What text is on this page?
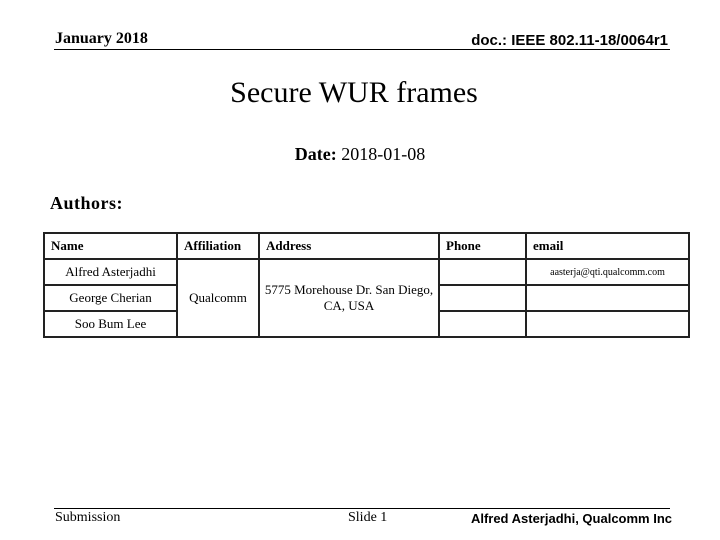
January 2018	doc.: IEEE 802.11-18/0064r1
Secure WUR frames
Date: 2018-01-08
Authors:
Name	Affiliation	Address	Phone	email
Alfred Asterjadhi	Qualcomm	5775 Morehouse Dr. San Diego, CA, USA		aasterja@qti.qualcomm.com
George Cherian				
Soo Bum Lee				
Submission	Slide 1	Alfred Asterjadhi, Qualcomm Inc
